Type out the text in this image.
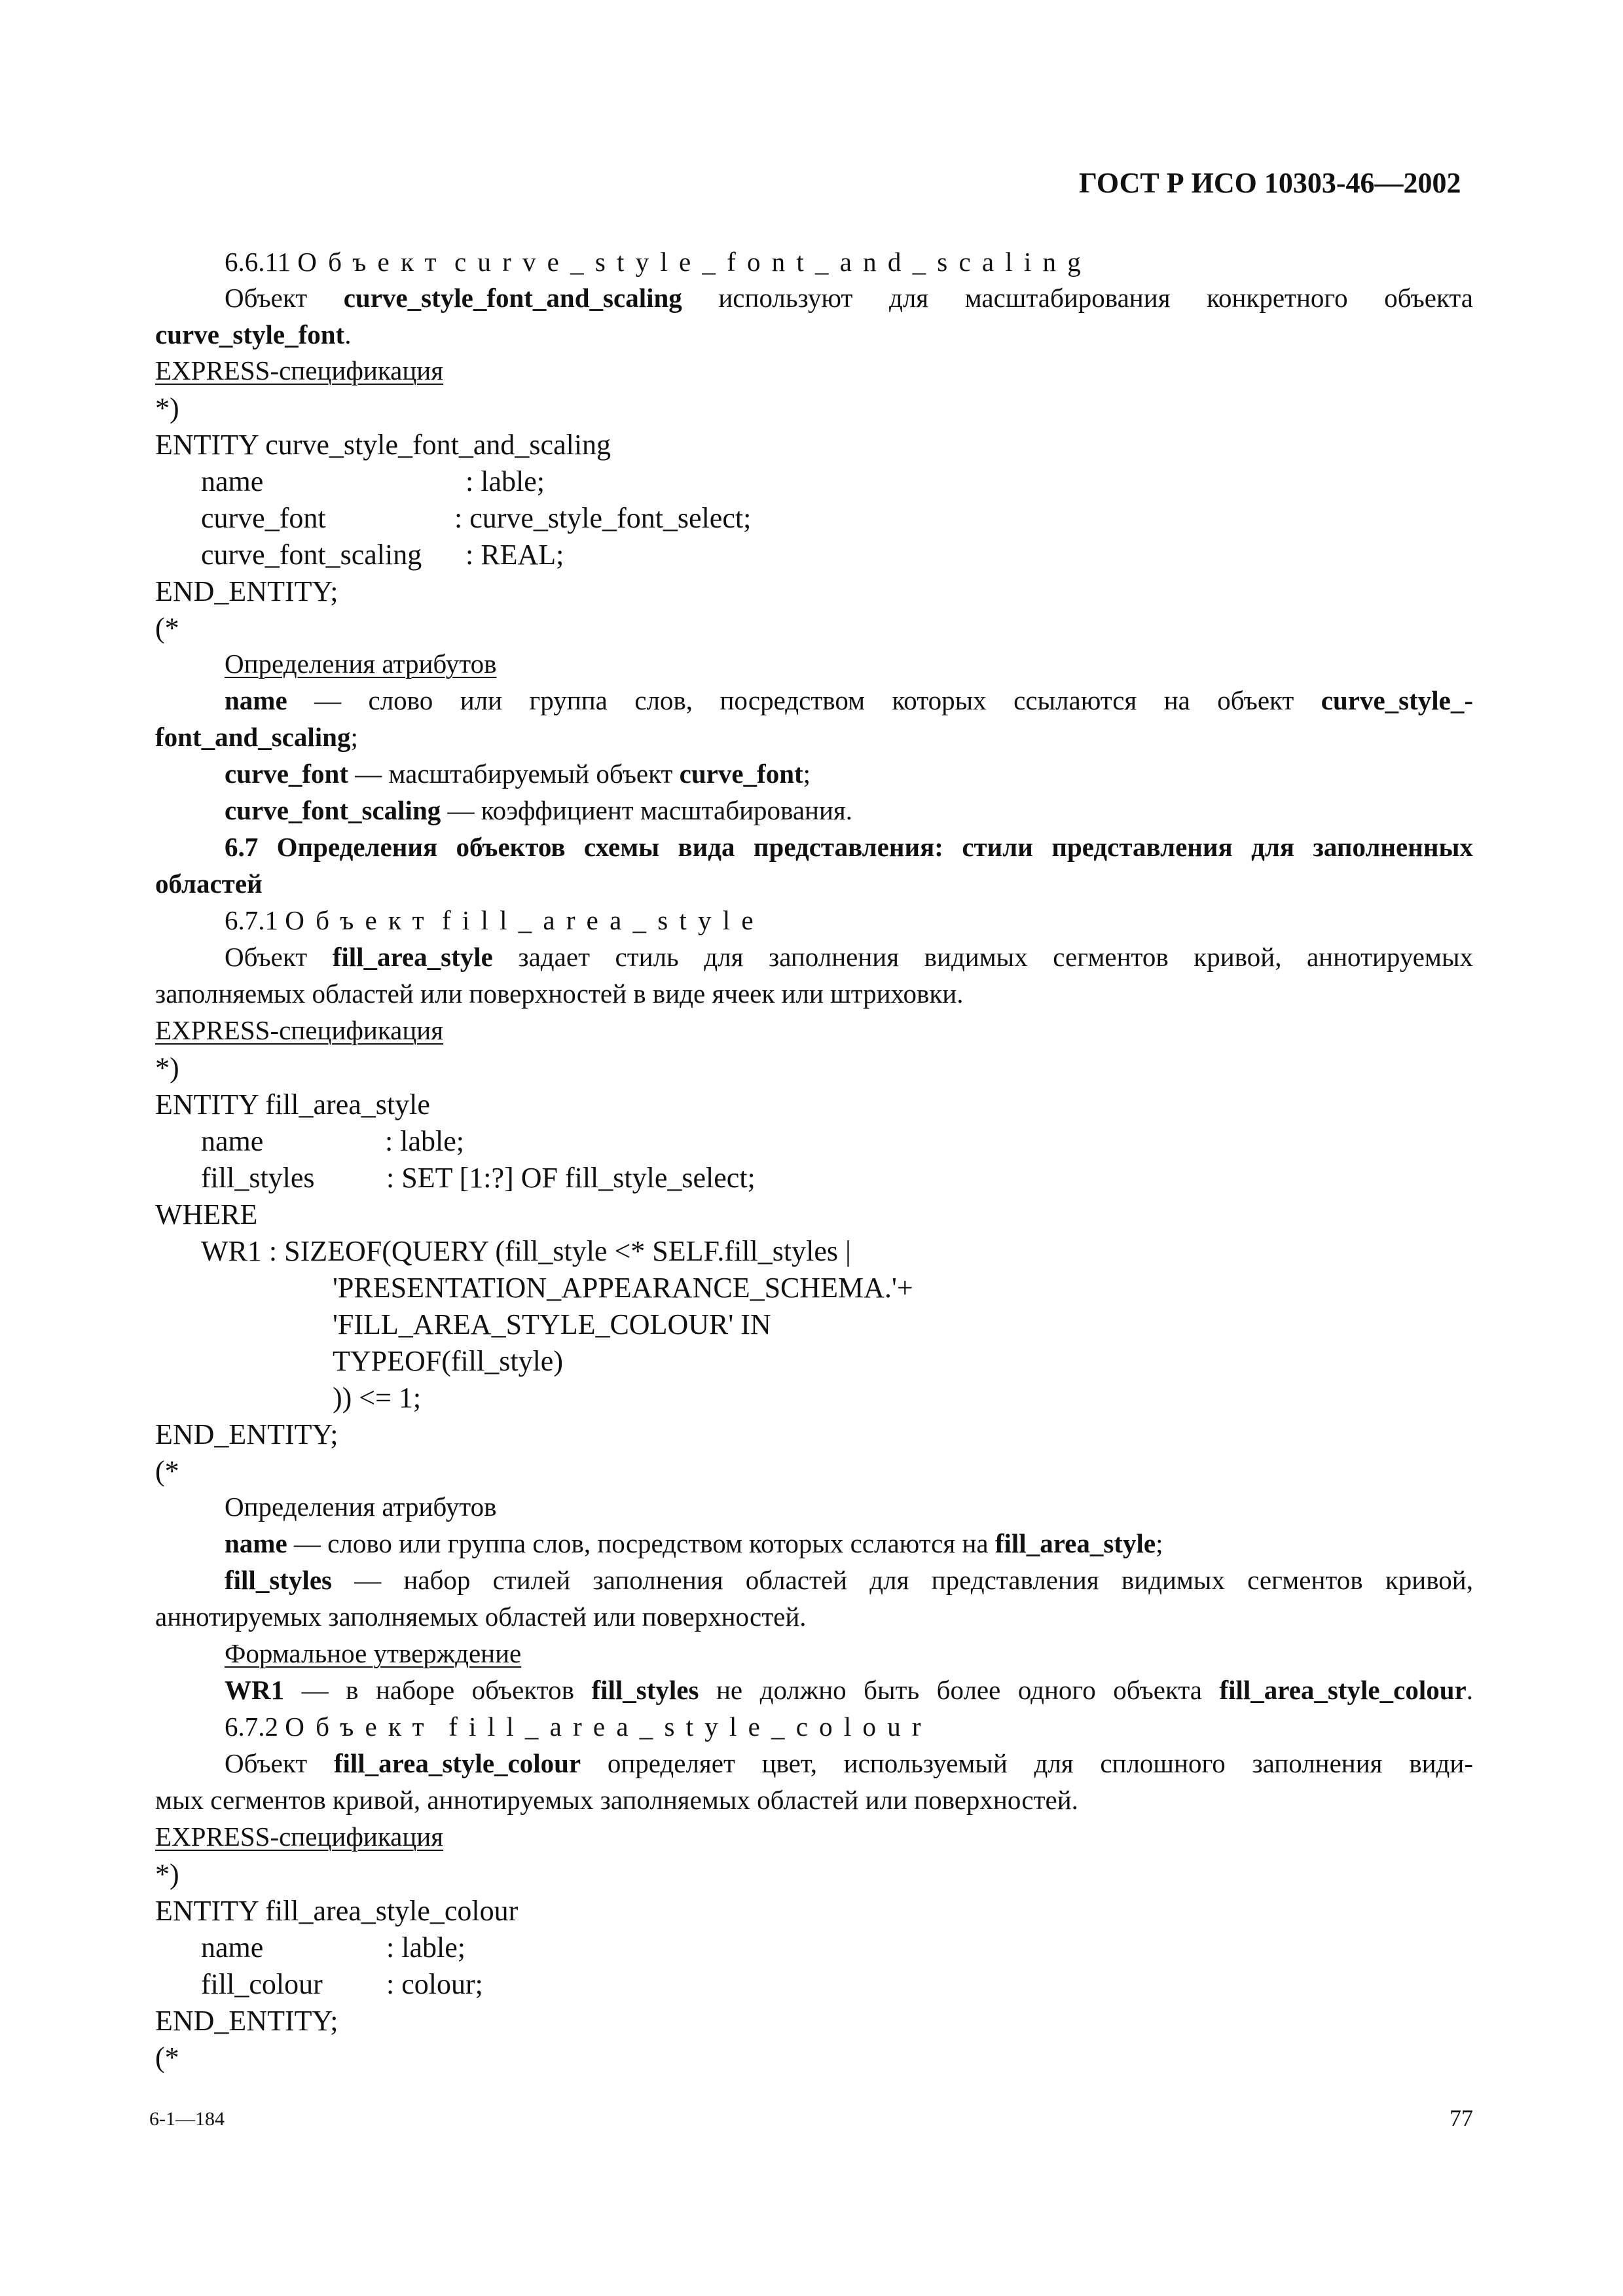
ГОСТ Р ИСО 10303-46—2002
6.6.11 Объект curve_style_font_and_scaling
Объект curve_style_font_and_scaling используют для масштабирования конкретного объекта
curve_style_font.
EXPRESS-спецификация
*)
ENTITY curve_style_font_and_scaling
name	: lable;
curve_font	: curve_style_font_select;
curve_font_scaling : REAL;
END_ENTITY;
(*
Определения атрибутов
name — слово или группа слов, посредством которых ссылаются на объект curve_style_-
font_and_scaling;
curve_font — масштабируемый объект curve_font;
curve_font_scaling — коэффициент масштабирования.
6.7 Определения объектов схемы вида представления: стили представления для заполненных
областей
6.7.1 Объект fill_area_style
Объект fill_area_style задает стиль для заполнения видимых сегментов кривой, аннотируемых
заполняемых областей или поверхностей в виде ячеек или штриховки.
EXPRESS-спецификация
*)
ENTITY fill_area_style
name	: lable;
fill_styles : SET [1:?] OF fill_style_select;
WHERE
WR1 : SIZEOF(QUERY (fill_style <* SELF.fill_styles |
'PRESENTATION_APPEARANCE_SCHEMA.'+
'FILL_AREA_STYLE_COLOUR' IN
TYPEOF(fill_style)
)) <= 1;
END_ENTITY;
(*
Определения атрибутов
name — слово или группа слов, посредством которых сслаются на fill_area_style;
fill_styles — набор стилей заполнения областей для представления видимых сегментов кривой,
аннотируемых заполняемых областей или поверхностей.
Формальное утверждение
WR1 — в наборе объектов fill_styles не должно быть более одного объекта fill_area_style_colour.
6.7.2 Объект fill_area_style_colour
Объект fill_area_style_colour определяет цвет, используемый для сплошного заполнения види-
мых сегментов кривой, аннотируемых заполняемых областей или поверхностей.
EXPRESS-спецификация
*)
ENTITY fill_area_style_colour
name	: lable;
fill_colour : colour;
END_ENTITY;
(*
6-1—184	77
